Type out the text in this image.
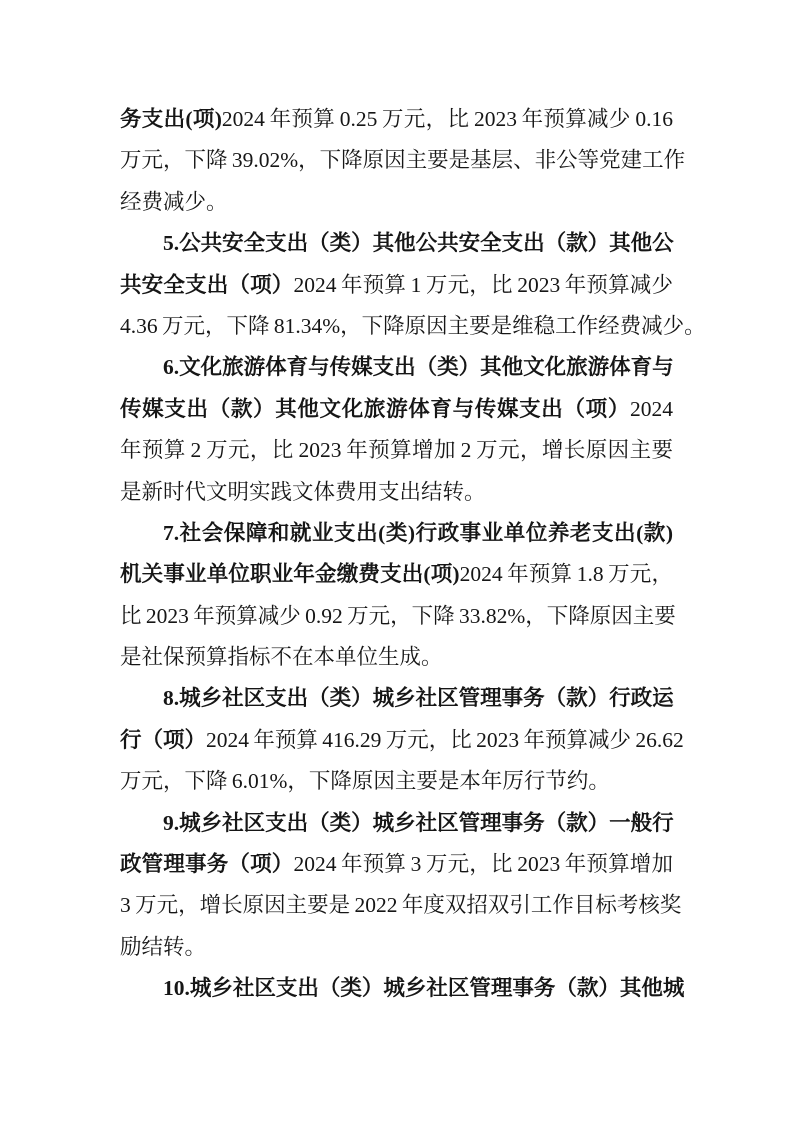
务支出(项)2024 年预算 0.25 万元，比 2023 年预算减少 0.16
万元，下降 39.02%，下降原因主要是基层、非公等党建工作
经费减少。
5.公共安全支出（类）其他公共安全支出（款）其他公
共安全支出（项）2024 年预算 1 万元，比 2023 年预算减少
4.36 万元，下降 81.34%，下降原因主要是维稳工作经费减少。
6.文化旅游体育与传媒支出（类）其他文化旅游体育与
传媒支出（款）其他文化旅游体育与传媒支出（项）2024
年预算 2 万元，比 2023 年预算增加 2 万元，增长原因主要
是新时代文明实践文体费用支出结转。
7.社会保障和就业支出(类)行政事业单位养老支出(款)
机关事业单位职业年金缴费支出(项)2024 年预算 1.8 万元，
比 2023 年预算减少 0.92 万元，下降 33.82%，下降原因主要
是社保预算指标不在本单位生成。
8.城乡社区支出（类）城乡社区管理事务（款）行政运
行（项）2024 年预算 416.29 万元，比 2023 年预算减少 26.62
万元，下降 6.01%，下降原因主要是本年厉行节约。
9.城乡社区支出（类）城乡社区管理事务（款）一般行
政管理事务（项）2024 年预算 3 万元，比 2023 年预算增加
3 万元，增长原因主要是 2022 年度双招双引工作目标考核奖
励结转。
10.城乡社区支出（类）城乡社区管理事务（款）其他城
